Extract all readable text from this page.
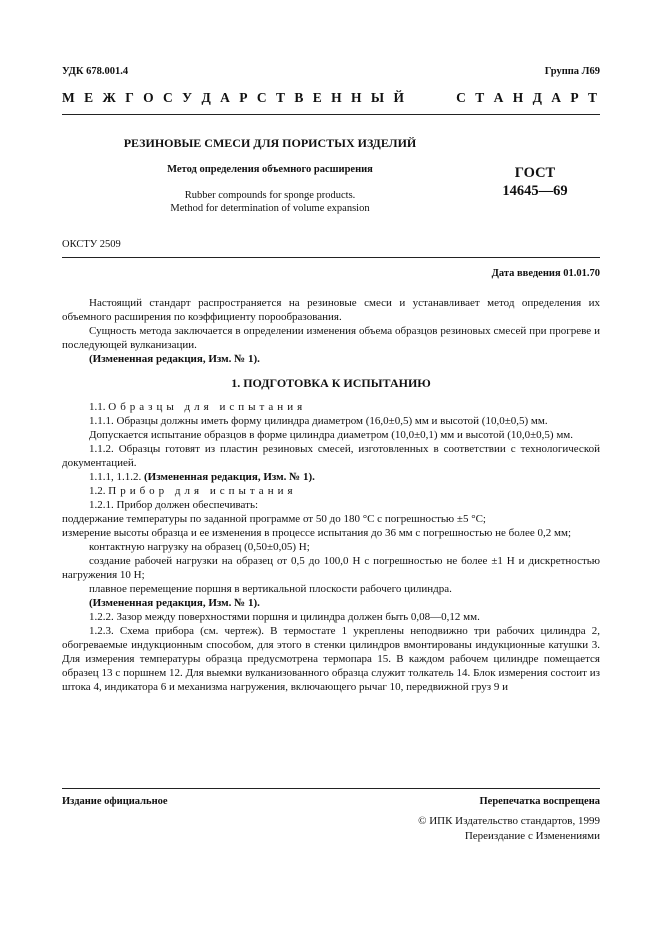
УДК 678.001.4	Группа Л69
М Е Ж Г О С У Д А Р С Т В Е Н Н Ы Й	С Т А Н Д А Р Т
РЕЗИНОВЫЕ СМЕСИ ДЛЯ ПОРИСТЫХ ИЗДЕЛИЙ
Метод определения объемного расширения
Rubber compounds for sponge products.
Method for determination of volume expansion
ГОСТ
14645—69
ОКСТУ 2509
Дата введения 01.01.70

Настоящий стандарт распространяется на резиновые смеси и устанавливает метод определения их объемного расширения по коэффициенту порообразования.

Сущность метода заключается в определении изменения объема образцов резиновых смесей при прогреве и последующей вулканизации.

(Измененная редакция, Изм. № 1).

1. ПОДГОТОВКА К ИСПЫТАНИЮ

1.1. Образцы для испытания

1.1.1. Образцы должны иметь форму цилиндра диаметром (16,0±0,5) мм и высотой (10,0±0,5) мм.

Допускается испытание образцов в форме цилиндра диаметром (10,0±0,1) мм и высотой (10,0±0,5) мм.

1.1.2. Образцы готовят из пластин резиновых смесей, изготовленных в соответствии с технологической документацией.

1.1.1, 1.1.2. (Измененная редакция, Изм. № 1).

1.2. Прибор для испытания

1.2.1. Прибор должен обеспечивать:

поддержание температуры по заданной программе от 50 до 180 °С с погрешностью ±5 °С;

измерение высоты образца и ее изменения в процессе испытания до 36 мм с погрешностью не более 0,2 мм;

контактную нагрузку на образец (0,50±0,05) Н;

создание рабочей нагрузки на образец от 0,5 до 100,0 Н с погрешностью не более ±1 Н и дискретностью нагружения 10 Н;

плавное перемещение поршня в вертикальной плоскости рабочего цилиндра.

(Измененная редакция, Изм. № 1).

1.2.2. Зазор между поверхностями поршня и цилиндра должен быть 0,08—0,12 мм.

1.2.3. Схема прибора (см. чертеж). В термостате 1 укреплены неподвижно три рабочих цилиндра 2, обогреваемые индукционным способом, для этого в стенки цилиндров вмонтированы индукционные катушки 3. Для измерения температуры образца предусмотрена термопара 15. В каждом рабочем цилиндре помещается образец 13 с поршнем 12. Для выемки вулканизованного образца служит толкатель 14. Блок измерения состоит из штока 4, индикатора 6 и механизма нагружения, включающего рычаг 10, передвижной груз 9 и

Издание официальное	Перепечатка воспрещена
© ИПК Издательство стандартов, 1999
Переиздание с Изменениями
